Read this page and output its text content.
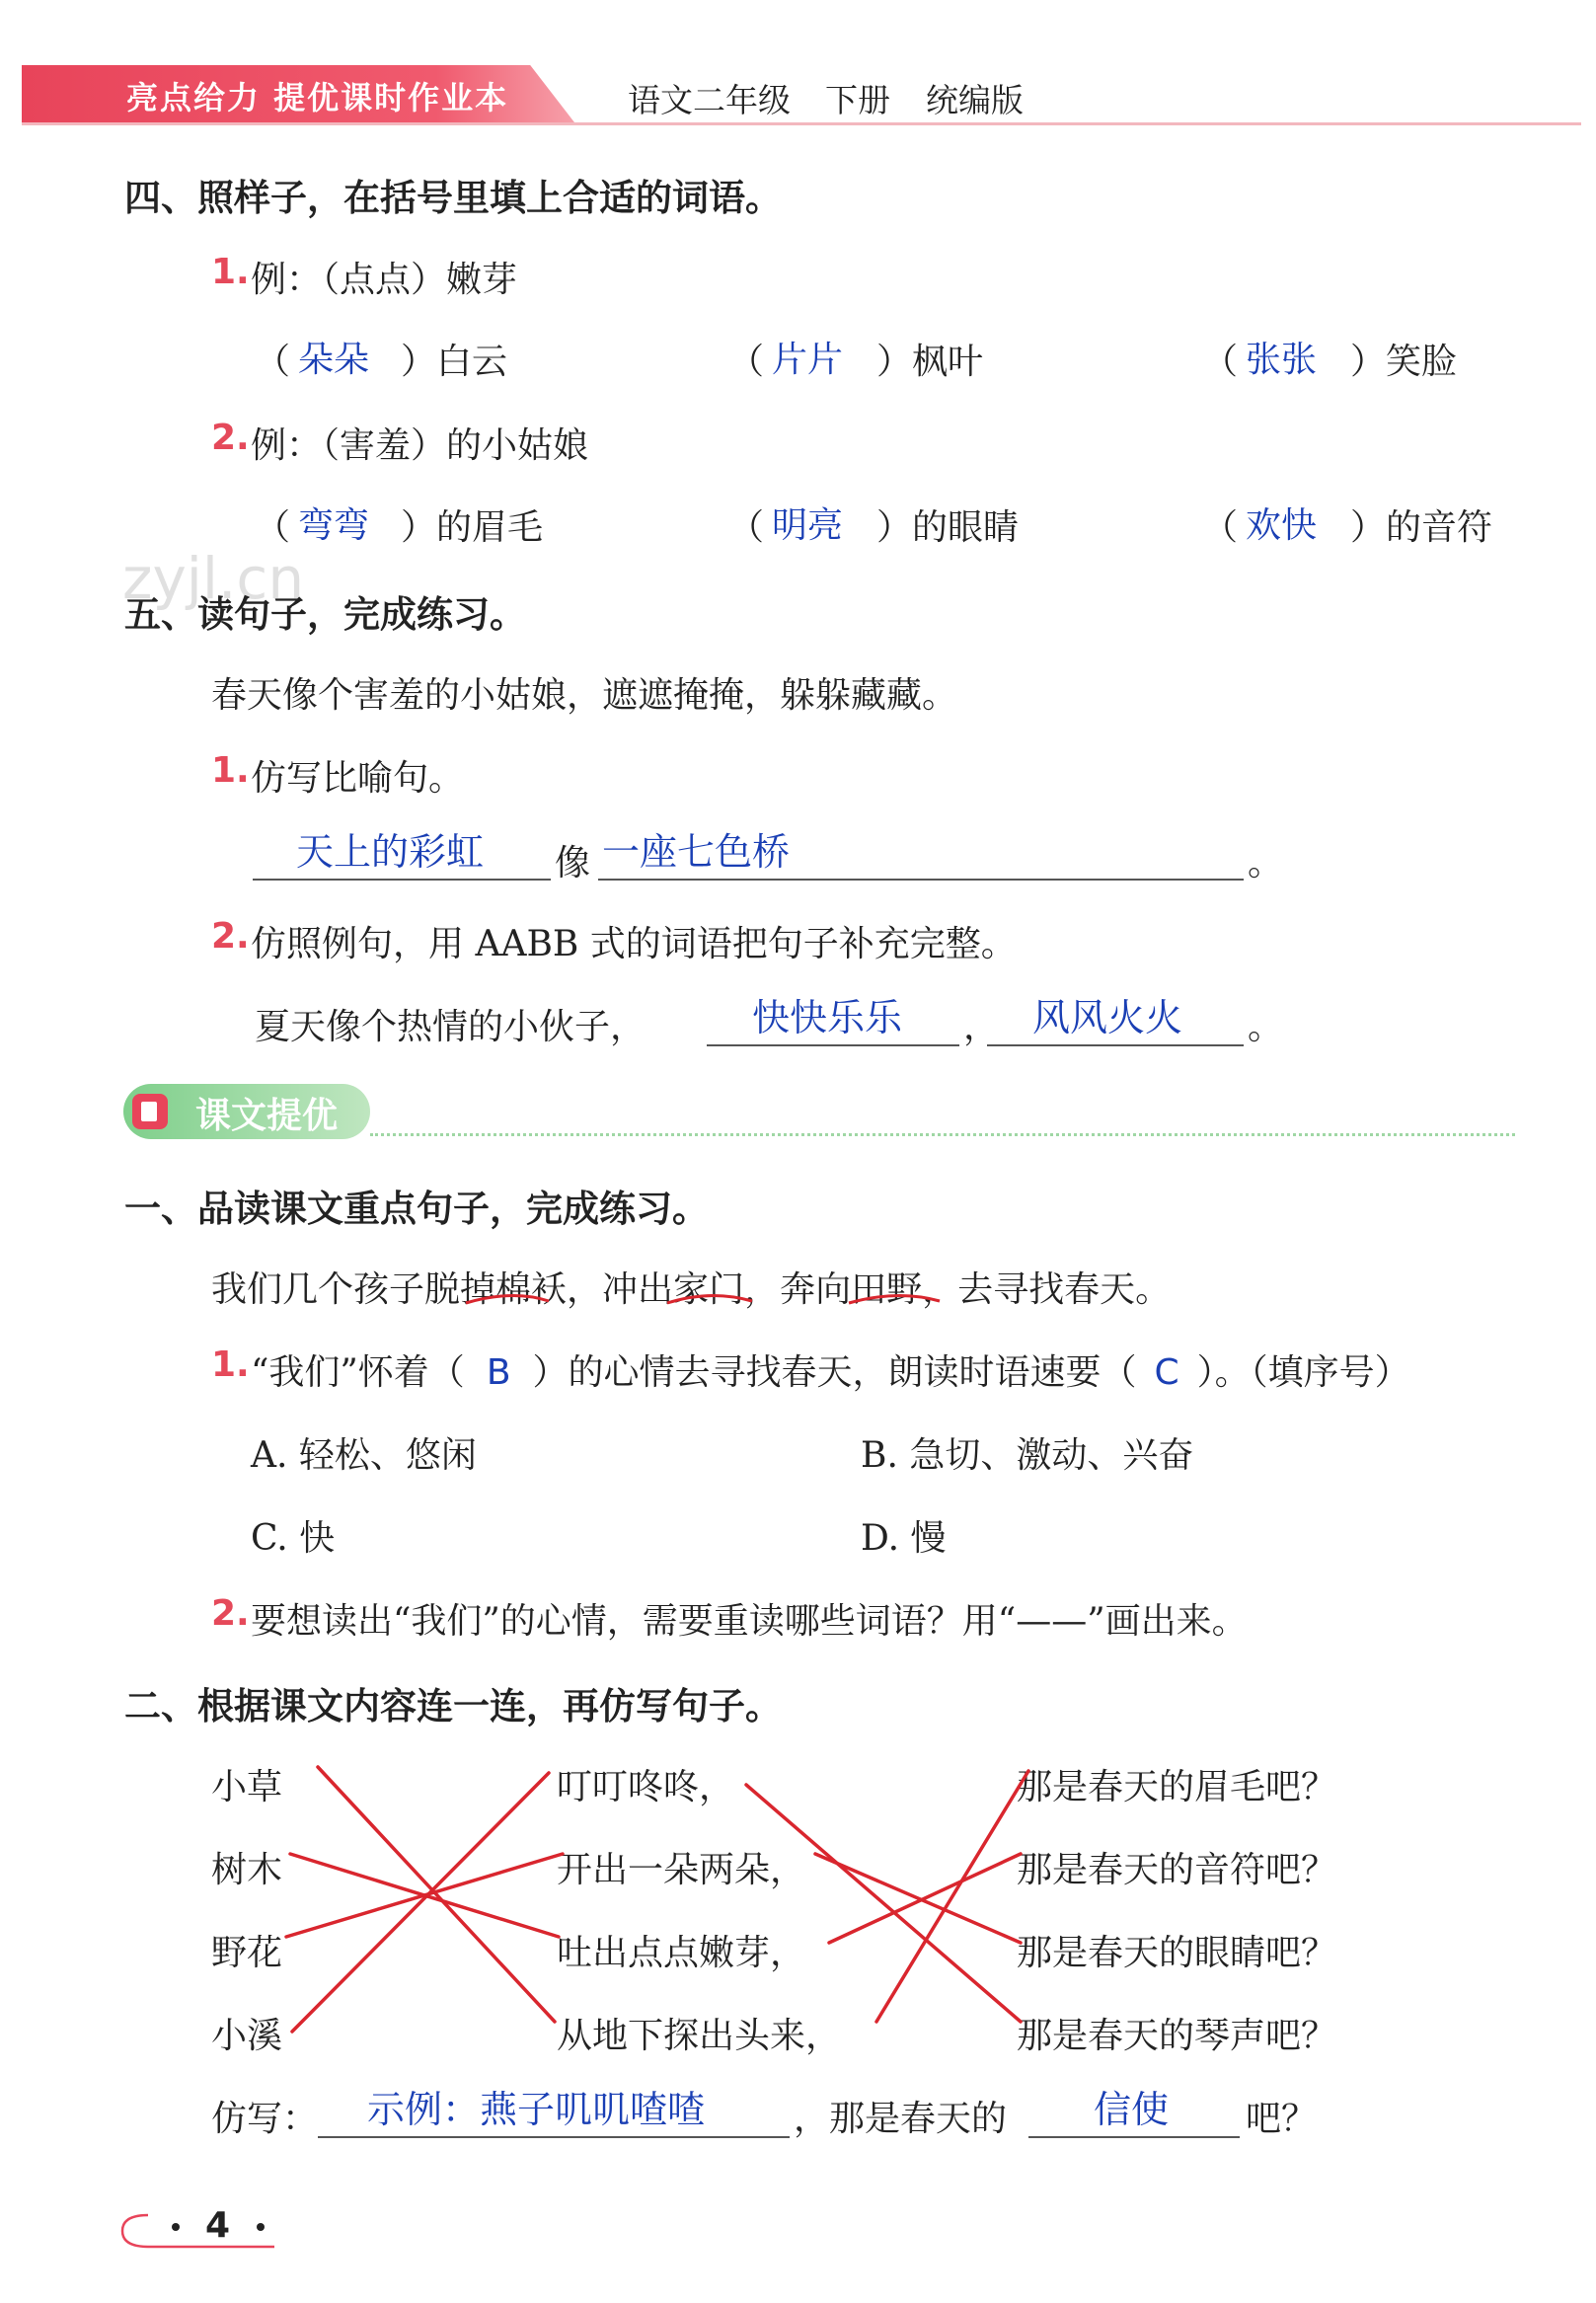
亮点给力 提优课时作业本	语文二年级 下册 统编版
zyjl.cn
四、照样子，在括号里填上合适的词语。
1. 例：（点点）嫩芽
（ 朵朵 ）白云	（ 片片 ）枫叶	（ 张张 ）笑脸
2. 例：（害羞）的小姑娘
（ 弯弯 ）的眉毛	（ 明亮 ）的眼睛	（ 欢快 ）的音符
五、读句子，完成练习。
春天像个害羞的小姑娘，遮遮掩掩，躲躲藏藏。
1. 仿写比喻句。
天上的彩虹 像 一座七色桥	。
2. 仿照例句，用 AABB 式的词语把句子补充完整。
夏天像个热情的小伙子，	快快乐乐 ， 风风火火 。
课文提优
一、品读课文重点句子，完成练习。
我们几个孩子脱掉棉袄，冲出家门，奔向田野，去寻找春天。
1. “我们”怀着（ B ）的心情去寻找春天，朗读时语速要（ C ）。（填序号）
A. 轻松、悠闲	B. 急切、激动、兴奋
C. 快	D. 慢
2. 要想读出“我们”的心情，需要重读哪些词语？用“——”画出来。
二、根据课文内容连一连，再仿写句子。
小草
树木
野花
小溪
叮叮咚咚，
开出一朵两朵，
吐出点点嫩芽，
从地下探出头来，
那是春天的眉毛吧？
那是春天的音符吧？
那是春天的眼睛吧？
那是春天的琴声吧？
仿写： 示例：燕子叽叽喳喳 ，那是春天的 信使 吧？
4
